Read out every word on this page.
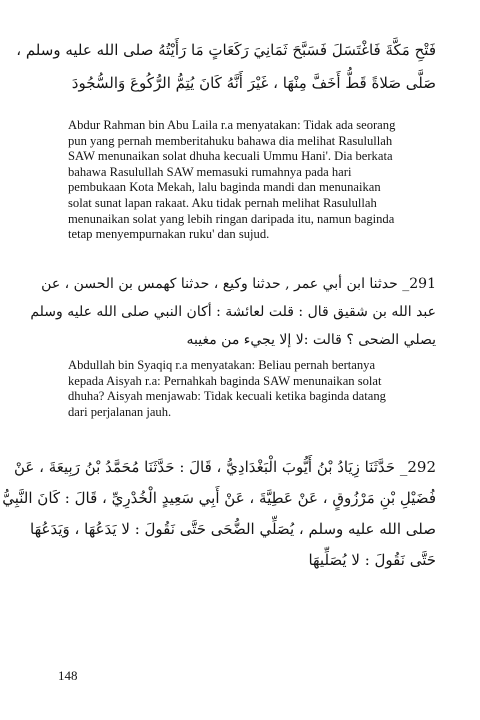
فَتْحِ مَكَّةَ فَاغْتَسَلَ فَسَبَّحَ ثَمَانِيَ رَكَعَاتٍ مَا رَأَيْتُهُ صلى الله عليه وسلم ،
صَلَّى صَلاةً قَطُّ أَخَفَّ مِنْهَا ، غَيْرَ أَنَّهُ كَانَ يُتِمُّ الرُّكُوعَ وَالسُّجُودَ
Abdur Rahman bin Abu Laila r.a menyatakan: Tidak ada seorang
pun yang pernah memberitahuku bahawa dia melihat Rasulullah
SAW menunaikan solat dhuha kecuali Ummu Hani'. Dia berkata
bahawa Rasulullah SAW memasuki rumahnya pada hari
pembukaan Kota Mekah, lalu baginda mandi dan menunaikan
solat sunat lapan rakaat. Aku tidak pernah melihat Rasulullah
menunaikan solat yang lebih ringan daripada itu, namun baginda
tetap menyempurnakan ruku' dan sujud.
291_ حدثنا ابن أبي عمر , حدثنا وكيع ، حدثنا كهمس بن الحسن ، عن
عبد الله بن شقيق قال : قلت لعائشة : أكان النبي صلى الله عليه وسلم
يصلي الضحى ؟ قالت :لا إلا يجيء من مغيبه
Abdullah bin Syaqiq r.a menyatakan: Beliau pernah bertanya
kepada Aisyah r.a: Pernahkah baginda SAW menunaikan solat
dhuha? Aisyah menjawab: Tidak kecuali ketika baginda datang
dari perjalanan jauh.
292_ حَدَّثَنَا زِيَادُ بْنُ أَيُّوبَ الْبَغْدَادِيُّ ، قَالَ : حَدَّثَنَا مُحَمَّدُ بْنُ رَبِيعَةَ ، عَنْ
فُضَيْلِ بْنِ مَرْزُوقٍ ، عَنْ عَطِيَّةَ ، عَنْ أَبِي سَعِيدٍ الْخُدْرِيِّ ، قَالَ : كَانَ النَّبِيُّ
صلى الله عليه وسلم ، يُصَلِّي الضُّحَى حَتَّى نَقُولَ : لا يَدَعُهَا ، وَيَدَعُهَا
حَتَّى نَقُولَ : لا يُصَلِّيهَا
148
